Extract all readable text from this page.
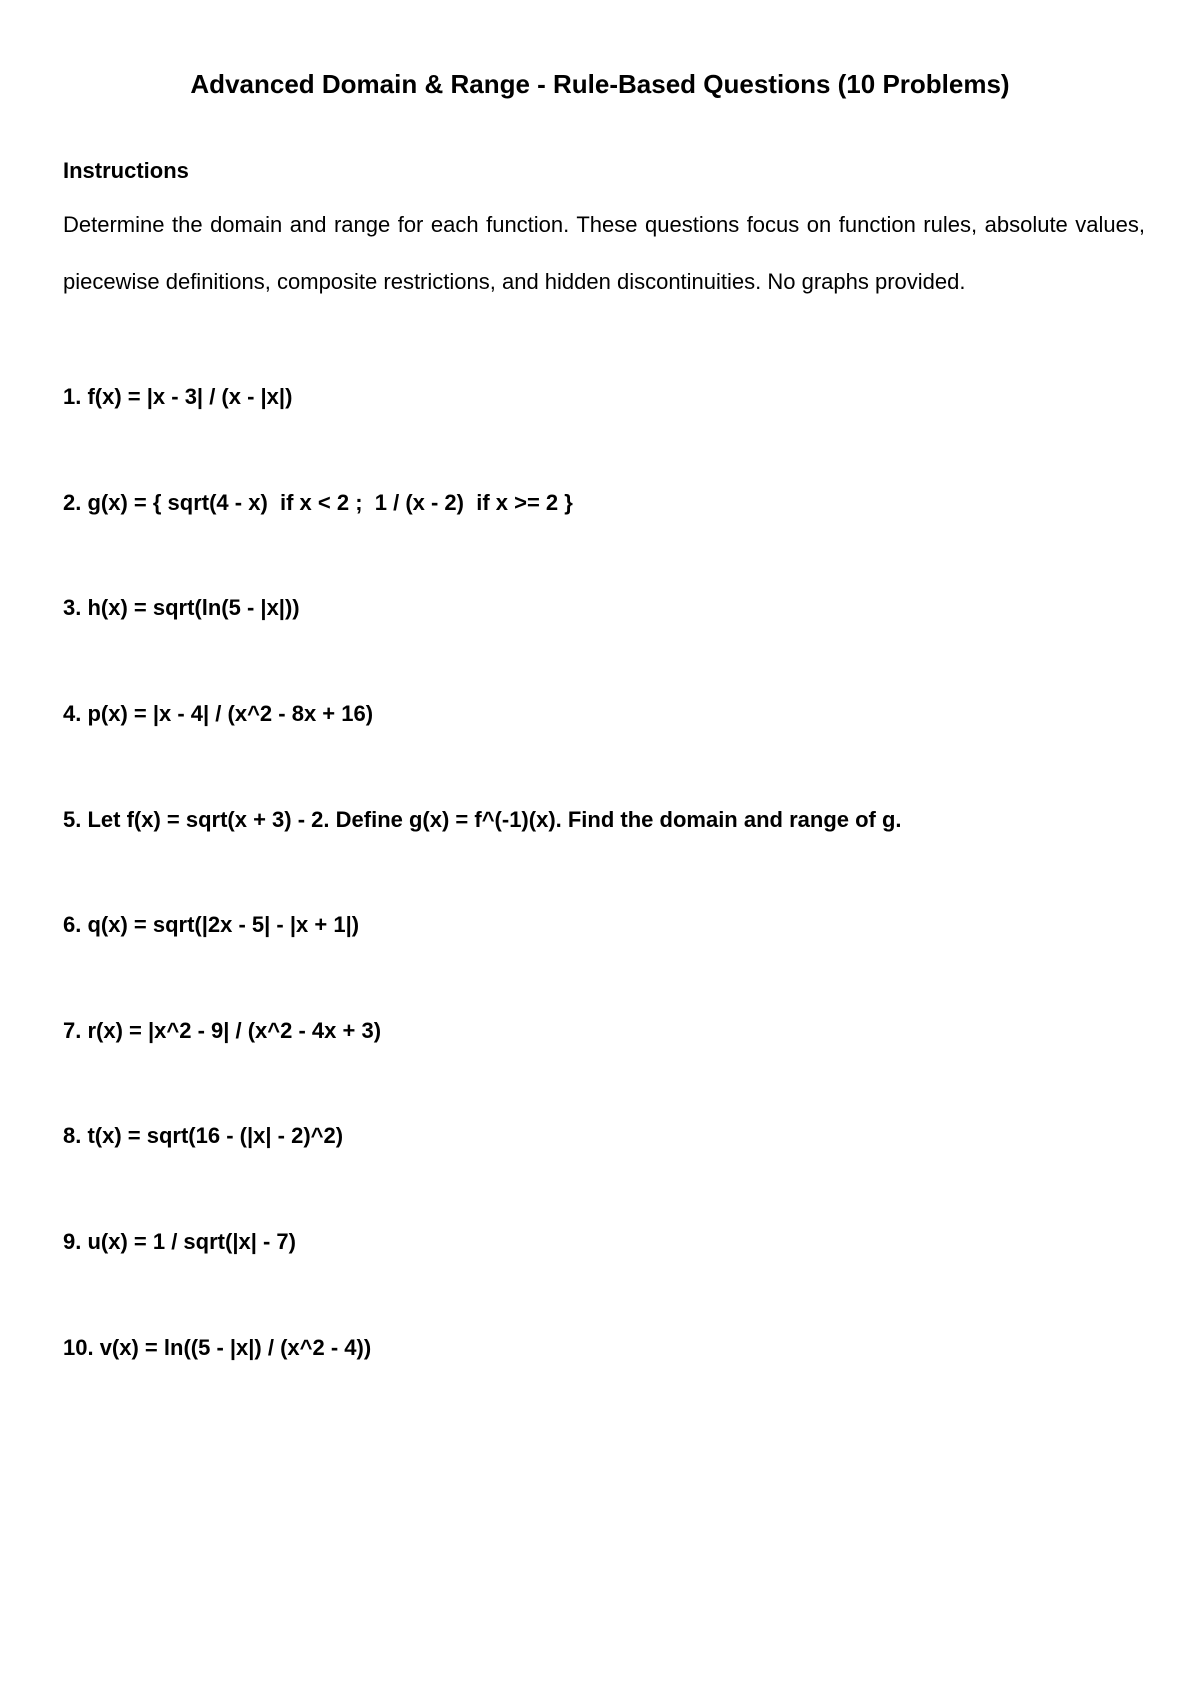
Advanced Domain & Range - Rule-Based Questions (10 Problems)
Instructions

Determine the domain and range for each function. These questions focus on function rules, absolute values, piecewise definitions, composite restrictions, and hidden discontinuities. No graphs provided.

1. f(x) = |x - 3| / (x - |x|)

2. g(x) = { sqrt(4 - x)  if x < 2 ;  1 / (x - 2)  if x >= 2 }

3. h(x) = sqrt(ln(5 - |x|))

4. p(x) = |x - 4| / (x^2 - 8x + 16)

5. Let f(x) = sqrt(x + 3) - 2. Define g(x) = f^(-1)(x). Find the domain and range of g.

6. q(x) = sqrt(|2x - 5| - |x + 1|)

7. r(x) = |x^2 - 9| / (x^2 - 4x + 3)

8. t(x) = sqrt(16 - (|x| - 2)^2)

9. u(x) = 1 / sqrt(|x| - 7)

10. v(x) = ln((5 - |x|) / (x^2 - 4))
